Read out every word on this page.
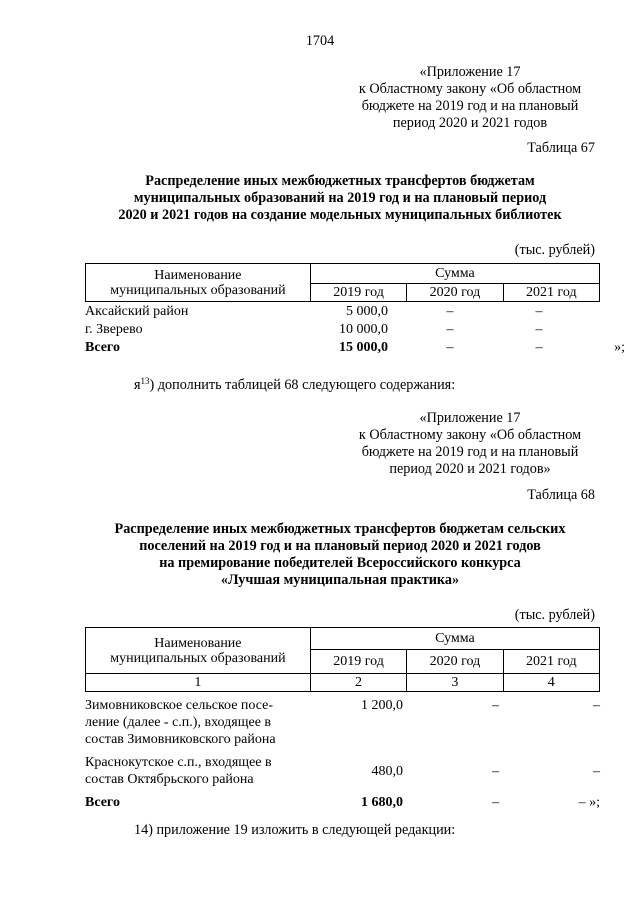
1704
«Приложение 17
к Областному закону «Об областном
бюджете на 2019 год и на плановый
период 2020 и 2021 годов
Таблица 67
Распределение иных межбюджетных трансфертов бюджетам
муниципальных образований на 2019 год и на плановый период
2020 и 2021 годов на создание модельных муниципальных библиотек
(тыс. рублей)
Наименование
муниципальных образований	Сумма		
	2019 год	2020 год	2021 год
Аксайский район	5 000,0	–	–	
г. Зверево	10 000,0	–	–	
Всего	15 000,0	–	–	»;
$я^{13}$) дополнить таблицей 68 следующего содержания:
«Приложение 17
к Областному закону «Об областном
бюджете на 2019 год и на плановый
период 2020 и 2021 годов»
Таблица 68
Распределение иных межбюджетных трансфертов бюджетам сельских
поселений на 2019 год и на плановый период 2020 и 2021 годов
на премирование победителей Всероссийского конкурса
«Лучшая муниципальная практика»
(тыс. рублей)
Наименование
муниципальных образований	Сумма		
	2019 год	2020 год	2021 год
1	2	3	4
Зимовниковское сельское посе-
ление (далее - с.п.), входящее в
состав Зимовниковского района	1 200,0	–	–

Краснокутское с.п., входящее в
состав Октябрьского района	480,0	–	–
Всего	1 680,0	–	– »;
14) приложение 19 изложить в следующей редакции:
